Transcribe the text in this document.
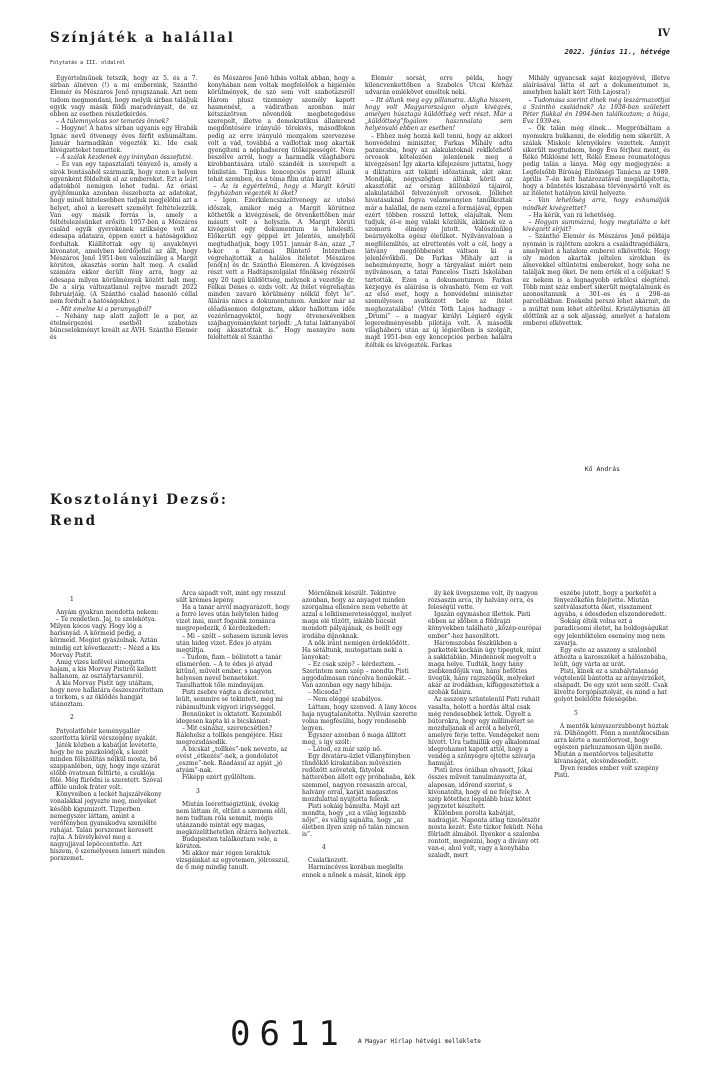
IV
Színjáték a halállal
2022. június 11., hétvége
Folytatás a III. oldalról

Egyértelműnek tetszik, hogy az 5. és a 7. sírban álnéven (!) a mi embereink, Szánthó Elemér és Mészáros Jenő nyugszanak. Azt nem tudom megmondani, hogy melyik sírban találjuk egyik vagy másik földi maradványait, de ez ebben az esetben részletkérdés.

– A túlemnyolcas sor temetés önnek?

– Hogyne! A hatos sírban ugyanis egy Hrabák Ignác nevű ötvenegy éves férfit exhumáltam. Január harmadikán végezték ki. Ide csak kivégzetteket temettek.

– A szálak kezdenek egy irányban összefutni.

– És van egy tapasztalati tényező is, amely a sírok bontásából származik, hogy ezen a helyen egyenként földelték el az embereket. Ezt a leírt adatokból nemigen lehet tudni. Az óriási gyűjtőmunka azonban összehozta az adatokat, hogy minél hitelesebben tudjuk megjelölni azt a helyet, ahol a keresett személyt feltételezzük. Van egy másik forrás is, amely a feltételezésünket erősíti: 1957-ben a Mészáros család egyik gyerekének szüksége volt az édesapa adataira, éppen ezért a hatóságokhoz fordultak. Kiállítottak egy új anyakönyvi kivonatot, amelyben kérdőjellel az állt, hogy Mészáros Jenő 1951-ben valószínűleg a Margit körúton, akasztás során halt meg. A család számára ekkor derült fény arra, hogy az édesapa milyen körülmények között halt meg. De a sírja változatlanul rejtve maradt 2022 februárjáig. (A Szánthó család hasonló céllal nem fordult a hatóságokhoz.)

– Mit emelne ki a peranyagból?

– Nehány nap alatt zajlott le a per, az ételmérgezési esetből szabotázs büncselekményt kreált az ÁVH. Szánthó Elemér és

és Mészáros Jenő hibás voltak abban, hogy a konyhában nem voltak megfelelőek a higiéniés körülmények, de szó sem volt szabotázsról! Három plusz tizennégy személy kapott hasmenést, a vádiratban azonban már kétszázötven növendék megbetegedése szerepelt, illetve a demokratikus államrend megdöntésére irányuló törekvés, másodfokon pedig az erre irányuló mozgalom szervezése volt a vád, továbbá a vádlottak meg akarták gyengíteni a néphadsereg ütőképességét. Nem beszélve arról, hogy a harmadik világháború kirobbantására utaló szándék is szerepelt a bűnlistán. Tipikus koncepciós perrel állunk tehát szemben, és a téma film után kiált!

– Az is egyértelmű, hogy a Margit körúti fegyházban végezték ki őket?

– Igen. Ezerkilencszázötvenegy az utolsó időszak, amikor még a Margit körútnoz köthetők a kivégzések, de ötvenkettőben már másutt volt a helyszín. A Margit körúti kivégzést egy dokumentum is hitelesíti. Előkerült egy géppel írt Jelentés, amelyből megtudhatjuk, hogy 1951. január 8-án, azaz „7 h-kor a Katonai Büntető Intézetben végrehajtották a halálos ítéletet Mészáros Jenő[n] és dr. Szánthó Eleméren. A kivégzésen részt vett a Hadtápszolgálat főnökség részéről egy 20 tagú küldöttség, melynek a vezetője dr. Felkai Dénes o. ezds volt. Az ítélet végrehajtás minden zavaró körülmény nélkül folyt le”. Aláírás nincs a dokumentumon. Amikor már az előadásomon dolgoztam, akkor hallottam idős vezérőrnagyoktól, hogy ötvenesévekben szájhagyományként terjedt: „A tatai laktanyából még akasztottak is.” Hogy mennyire nem feleltették el Szánthó

Elemér sorsát, erre példa, hogy kilencvenkettőben a Szabolcs Utcai Kórház udvarán emlékövet emeltek neki.

– Itt állunk meg egy pillanatra. Aligha hiszem, hogy volt Magyarországon olyan kivégzés, amelyen húsztagú küldöttség vett részt. Már a „küldöttség”fogalom hasznnalata sem helyénvaló ebben az esetben!

– Ehhez még hozzá kell tenni, hogy az akkori honvédelmi miniszter, Farkas Mihály adta parancsba, hogy az alakulatoknál reklközhető orvosok kötelezően jelenlenek meg a kivégzésen! Így akarta kifejezésre juttatni, hogy a diktatúra azt tekinti időzatának, akit akar. Mondják, négyszögben állták körül az akasztófát az ország különböző tájairól, alakulatáiból felvezényelt orvosok. Jóllehet hivatásuknál fogva valamennyien tanúlkoztak már a halállal, de nem ezzel a formájával, éppen ezért többen rosszul lettek, elájultak. Nem tudjuk, él–e még valaki közülük, akiknek ez a szomorú élmény jutott. Valószínűleg beárnyékolta egész életüket. Nyilvánvalóan a megfélemlítés, az elrettentés volt a cél, hogy a látvány megdöbbenést váltson ki a jelenlévőkből. De Farkas Mihály azt is nehezményezte, hogy a tárgyalást miért nem nyilvánosan, a tatai Pancelos Tiszti Iskolában tartották. Ezen a dokumentumon Farkas kézjegye és aláírása is olvasható. Nem ez volt az első eset, hogy a honvédelmi miniszter személyesen avatkozott bele az ítélet meghozatalába! (Vitéz Tóth Lajos hadnagy – „Drumi” – a magyar királyi Légierő egyik legeredményesebb pilótája volt. A második világháború után az új légierőben is szolgált, majd 1951-ben egy koncepciós perben halálra ítélték és kivégezték. Farkas

Mihály ugyancsak saját kézjegyével, illetve aláírásával látta el azt a dokumentumot is, amelyben halált kért Tóth Lajosra!)

– Tudomása szerint élnek még leszármazottjai a Szánthó családnak? Az 1938-ban született Péter fiúkkal én 1994-ben találkoztam; a húga, Éva 1939-es.

– Ők talán még élnek... Megpróbáltam a nyomukra bukkanni, de eleddig nem sikerült. A szálak Miskolc környékére vezettek. Annyit sikerült megtudnom, hogy Éva férjhez ment, és Rékó Miklósné lett, Rékó Emese reumatológus pedig talán a lánya. Még egy megjegyzés: a Legfelsőbb Bíróság Elnökségi Tanácsa az 1989. április 7–én kelt határozatával megállapította, hogy a büntetés kiszabása törvénysértő volt és az ítéletet hatályon kívül helyezte.

– Van lehetőség arra, hogy exhumálják mindkét kivégzettet?

– Ha kérik, van rá lehetőség.

– Hogyan summázná, hogy megtalálta a két kivégzett sírját?

– Szánthó Elemér és Mészáros Jenő példája nyomán is rájöttem azokra a családtragédiákra, amelyeket a hatalom emberei elkövettek. Hogy oly módon akarták jeltelen sírokban és álnevekkel eltüntetni embereket, hogy soha ne találják meg őket. De nem érték el a céljukat! S ez nekem is a legnagyobb erkölcsi elégtétel. Több mint száz embert sikerült megtalálnunk és azonosítanunk a 301–es és a 298–as parcellákban. Enekelni perszé lehet akármit, de a múltat nem lehet eltörölni. Kristálytisztán áll előttünk az a sok aljasság, amelyet a hatalom emberei elkövettek.

Kő András
Kosztolányi Dezső:
Rend

1

Anyám gyakran mondotta nekem:

– Te rendetlen. Jaj, te szelekótya. Milyen kócos vagy. Hogy lóg a harisnyád. A körmeid pedig, a körmeid. Megint gyászolnak. Aztán mindig ezt következett: – Nézd a kis Morvay Pistit.

Amig vizes kefével simogatta hajam, a kis Morvay Pistiről kellett hallanom, az osztálytársamról.

A kis Morvay Pistit úgy utáltam, hogy neve hallatára összeszorítottam a torkom, s az öklődés hangját utánoztam.

2

Patyolatfehér keménygallér szorította körül vérszegény nyakát.

Játék közben a kabátját levetette, hogy be ne piszkolódjék, s kezét minden fölszólítás nélkül mosta, bő szappanlében, úgy, hogy inge szárát előbb óvatosan feltűrte, a csuklója fölé. Még fürödni is szeretett. Szóval afféle undok fráter volt.

Könyveiben a leckét hajszálvékony vonalakkal jegyezte meg, melyeket később kigumizott. Tizperben nemegyszer láttam, amint a verőfényben gyanakodva szemlélte ruháját. Talán porszemet keresett rajta. A hüvelykével meg a nagyujjával lepöccentette. Azt hiszem, ő személyesen ismert minden porszemet.

Arca sápadt volt, mint egy rosszul sült krémes lepény.

Ha a tanár arról magyarázott, hogy a forró leves után helytelen hideg vizet inni, mert fogaink zománca megrepedezik, ő kérdezkedett:

– Mi – szólt – sohasem iszunk leves után hideg vizet. Édes jó atyám megtiltja.

– Tudom, fiam – bólintott a tanár elismerően. – A te édes jó atyád kitűnő, művelt ember, s nagyon helyesen nevel benneteket. Tanulhattok tőle mindnyájan.

Pisti zsebre vágta a dicséretet, leült, semmire se tekintett, még mi rábámultunk vigyori irigységgel.

Bennünket is oktatott. Kezemből idegesen kapta ki a bicskámat:

– Mit csinálsz, szerencsétlen? Rálehelsz a tollkés pengéjére. Hisz megrozsdásodik.

A bicskát „tollkés”-nek nevezte, az evést „étkezés”-nek, a gondolatot „eszme”-nek. Ráadásul az apját „jó atyám”-nak.

Főképp ezért gyűlöltem.

3

Miután leérettségiztünk, évekig nem láttam őt, eltűnt a szemem elől, nem tudtam róla semmit, mégis utánzandó mintát egy magas, megközelíthetetlen oltárra helyeztek.

Budapesten találkoztam vele, a körúton.

Mi akkor már régen leraktuk vizsgáinkat az egyetemen, jólrosszul, de ő még mindig tanult.

Mérnöknek készült. Tekintve azonban, hogy az anyagot minden szorgalma ellenére nem vehette át azzal a lelkiismeretességgel, melyet maga elé tűzött, inkább búcsút mondott pályájának, és beült egy irodába díjnoknak.

A nők iránt nemigen érdeklődött. Ha sétáltunk, mutogattam neki a lányokat:

– Ez csak szép? – kérdeztem. – Szerintem nem szép – mondta Pisti aggodalmasan ráncolva homlokát. – Van azonban egy nagy hibája.

– Micsoda?

– Nem eléggé szabályos.

Láttam, hogy szenved. A lány kócos haja nyugtalanította. Nyilván szerette volna megfésülni, hogy rendesebb legyen.

Egyszer azonban ő maga állított meg, s így szólt:

– Látod, ez már szép nő.

Egy divatáru-üzlet villanyfényben tündöklő kirakatában művészien redőzött szövetek, fátyolok hátterében állott egy próbababa, kék szemmel, nagyon rózsaszín arccal, halvány orral, karját magasztos mozdulattal nyújtotta felénk.

Pisti sokáig bámulta. Majd azt mondta, hogy „ez a világ legszebb nője”, és váltig sajnálta, hogy „az életben ilyen szép nő talán nincsen is”.

4

Csalatkozott.

Harmincéves korában meglelte ennek a nőnek a mását, kinek épp

ily kék üvegszeme volt, ily nagyon rózsaszín arca, ily halvány orra, és feleségül vette.

Igazán egymáshoz illettek. Pisti ebben az időben a földrajzi könyvekben található „közép-európai ember”-hez hasonlított.

Háromszobás fészkükben a parkettek kockáin úgy tipegtek, mint a sakktáblán. Mindennek megvolt a maga helye. Tudták, hogy hány zsebkendőjük van, hány befőttes üvegük, hány rajzszögük, melyeket akár az írodákban, kifüggesztettek a szobák falaira.

Az asszony szüntelenül Pisti ruháit vasalta, holott a hordás által csak még rendesebbek lettek. Ügyelt a bútorokra, hogy egy millimétert se mozduljanak el arról a helyről, amelyre férje tette. Vendégeket nem hívott. Ura tudniillik egy alkalommal idegrohamot kapott attól, hogy a vendég a szőnyegre ejtette szivarja hamuját.

Pisti üres óráiban olvasott, Jókai összes műveit tanulmányozta át, alaposan, időrend szerint, s kivonatolta, hogy el ne felejtse. A szép kötethez legalább húsz kötet jegyzetet készített.

Különben porolta kabátját, nadrágját. Naponta átlag tizenötször mosta kezét. Este tízkor feküdt. Néha fölriadt álmából. Ilyenkor a szalonba rontott, megnézni, hogy a dívány ott van-e, ahol volt, vagy a konyhába szaladt, mert

eszébe jutott, hogy a porkefét a fényezőkefén felejtette. Miután szétválasztotta őket, visszament ágyába, s édesdeden elszenderedett.

Sokáig élték volna ezt a paradicsomi életet, ha boldogságukat egy jelentéktelen esemény meg nem zavarja.

Egy este az asszony a szalonból áthozta a karosszéket a hálószobába, leült, úgy várta az urát.

Pisti, kinek ez a szabálytalanság végtelenül bántotta az arányérzékét, elsápadt. De egy szót sem szólt. Csak kivette forgópisztolyát, és mind a hat golyót belelőtte feleségébe.

5

A mentők kényszerzubbonyt húztak rá. Dühöngött. Fönn a mentőkocsiban arra kérte a mentőorvost, hogy egészen párhuzamosan üljön mellé. Miután a mentőorvos teljesítette kívánságát, elcsöndesedett.

Ilyen rendes ember volt szegény Pisti.

0611 A Magyar Hírlap hétvégi melléklete
